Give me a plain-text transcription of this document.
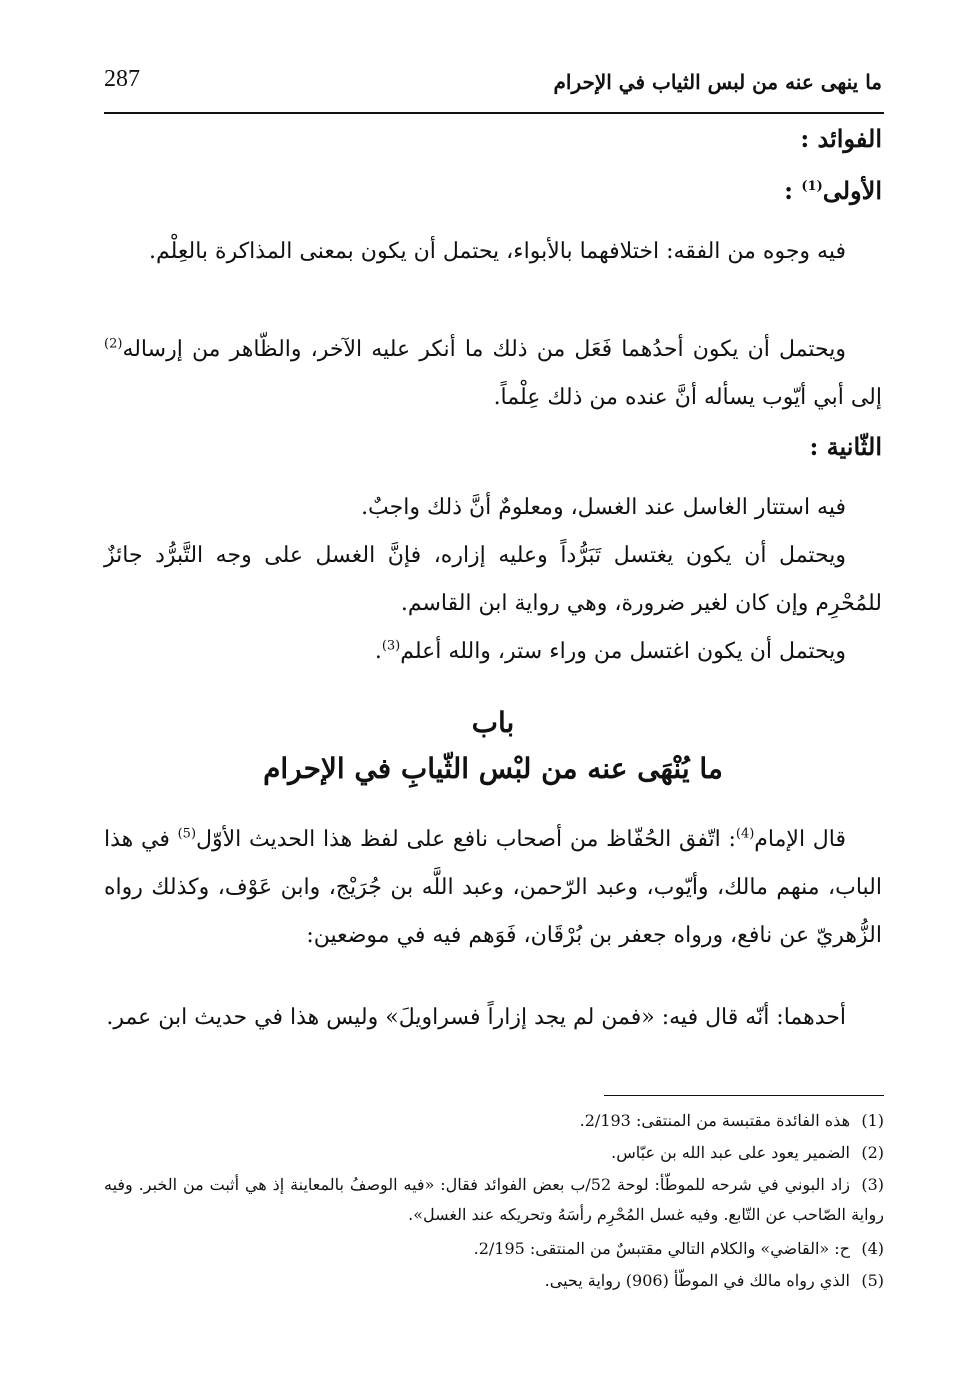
287	ما ينهى عنه من لبس الثياب في الإحرام
الفوائد :
الأولى$^{(1)}$ :
فيه وجوه من الفقه: اختلافهما بالأبواء، يحتمل أن يكون بمعنى المذاكرة بالعِلْم.
ويحتمل أن يكون أحدُهما فَعَل من ذلك ما أنكر عليه الآخر، والظّاهر من إرساله$^{(2)}$ إلى أبي أيّوب يسأله أنَّ عنده من ذلك عِلْماً.
الثّانية :
فيه استتار الغاسل عند الغسل، ومعلومٌ أنَّ ذلك واجبٌ.
ويحتمل أن يكون يغتسل تَبَرُّداً وعليه إزاره، فإنَّ الغسل على وجه التَّبرُّد جائزٌ للمُحْرِم وإن كان لغير ضرورة، وهي رواية ابن القاسم.
ويحتمل أن يكون اغتسل من وراء ستر، والله أعلم$^{(3)}$.
باب
ما يُنْهَى عنه من لبْس الثّيابِ في الإحرام
قال الإمام$^{(4)}$: اتّفق الحُفّاظ من أصحاب نافع على لفظ هذا الحديث الأوّل$^{(5)}$ في هذا الباب، منهم مالك، وأيّوب، وعبد الرّحمن، وعبد اللَّه بن جُرَيْج، وابن عَوْف، وكذلك رواه الزُّهريّ عن نافع، ورواه جعفر بن بُرْقَان، فَوَهم فيه في موضعين:
أحدهما: أنّه قال فيه: «فمن لم يجد إزاراً فسراويلَ» وليس هذا في حديث ابن عمر.
(1)هذه الفائدة مقتبسة من المنتقى: 2/193.
(2)الضمير يعود على عبد الله بن عبّاس.
(3)زاد البوني في شرحه للموطّأ: لوحة 52/ب بعض الفوائد فقال: «فيه الوصفُ بالمعاينة إذ هي أثبت من الخبر. وفيه رواية الصّاحب عن التّابع. وفيه غسل المُحْرِم رأسَهُ وتحريكه عند الغسل».
(4)ح: «القاضي» والكلام التالي مقتبسٌ من المنتقى: 2/195.
(5)الذي رواه مالك في الموطّأ (906) رواية يحيى.
